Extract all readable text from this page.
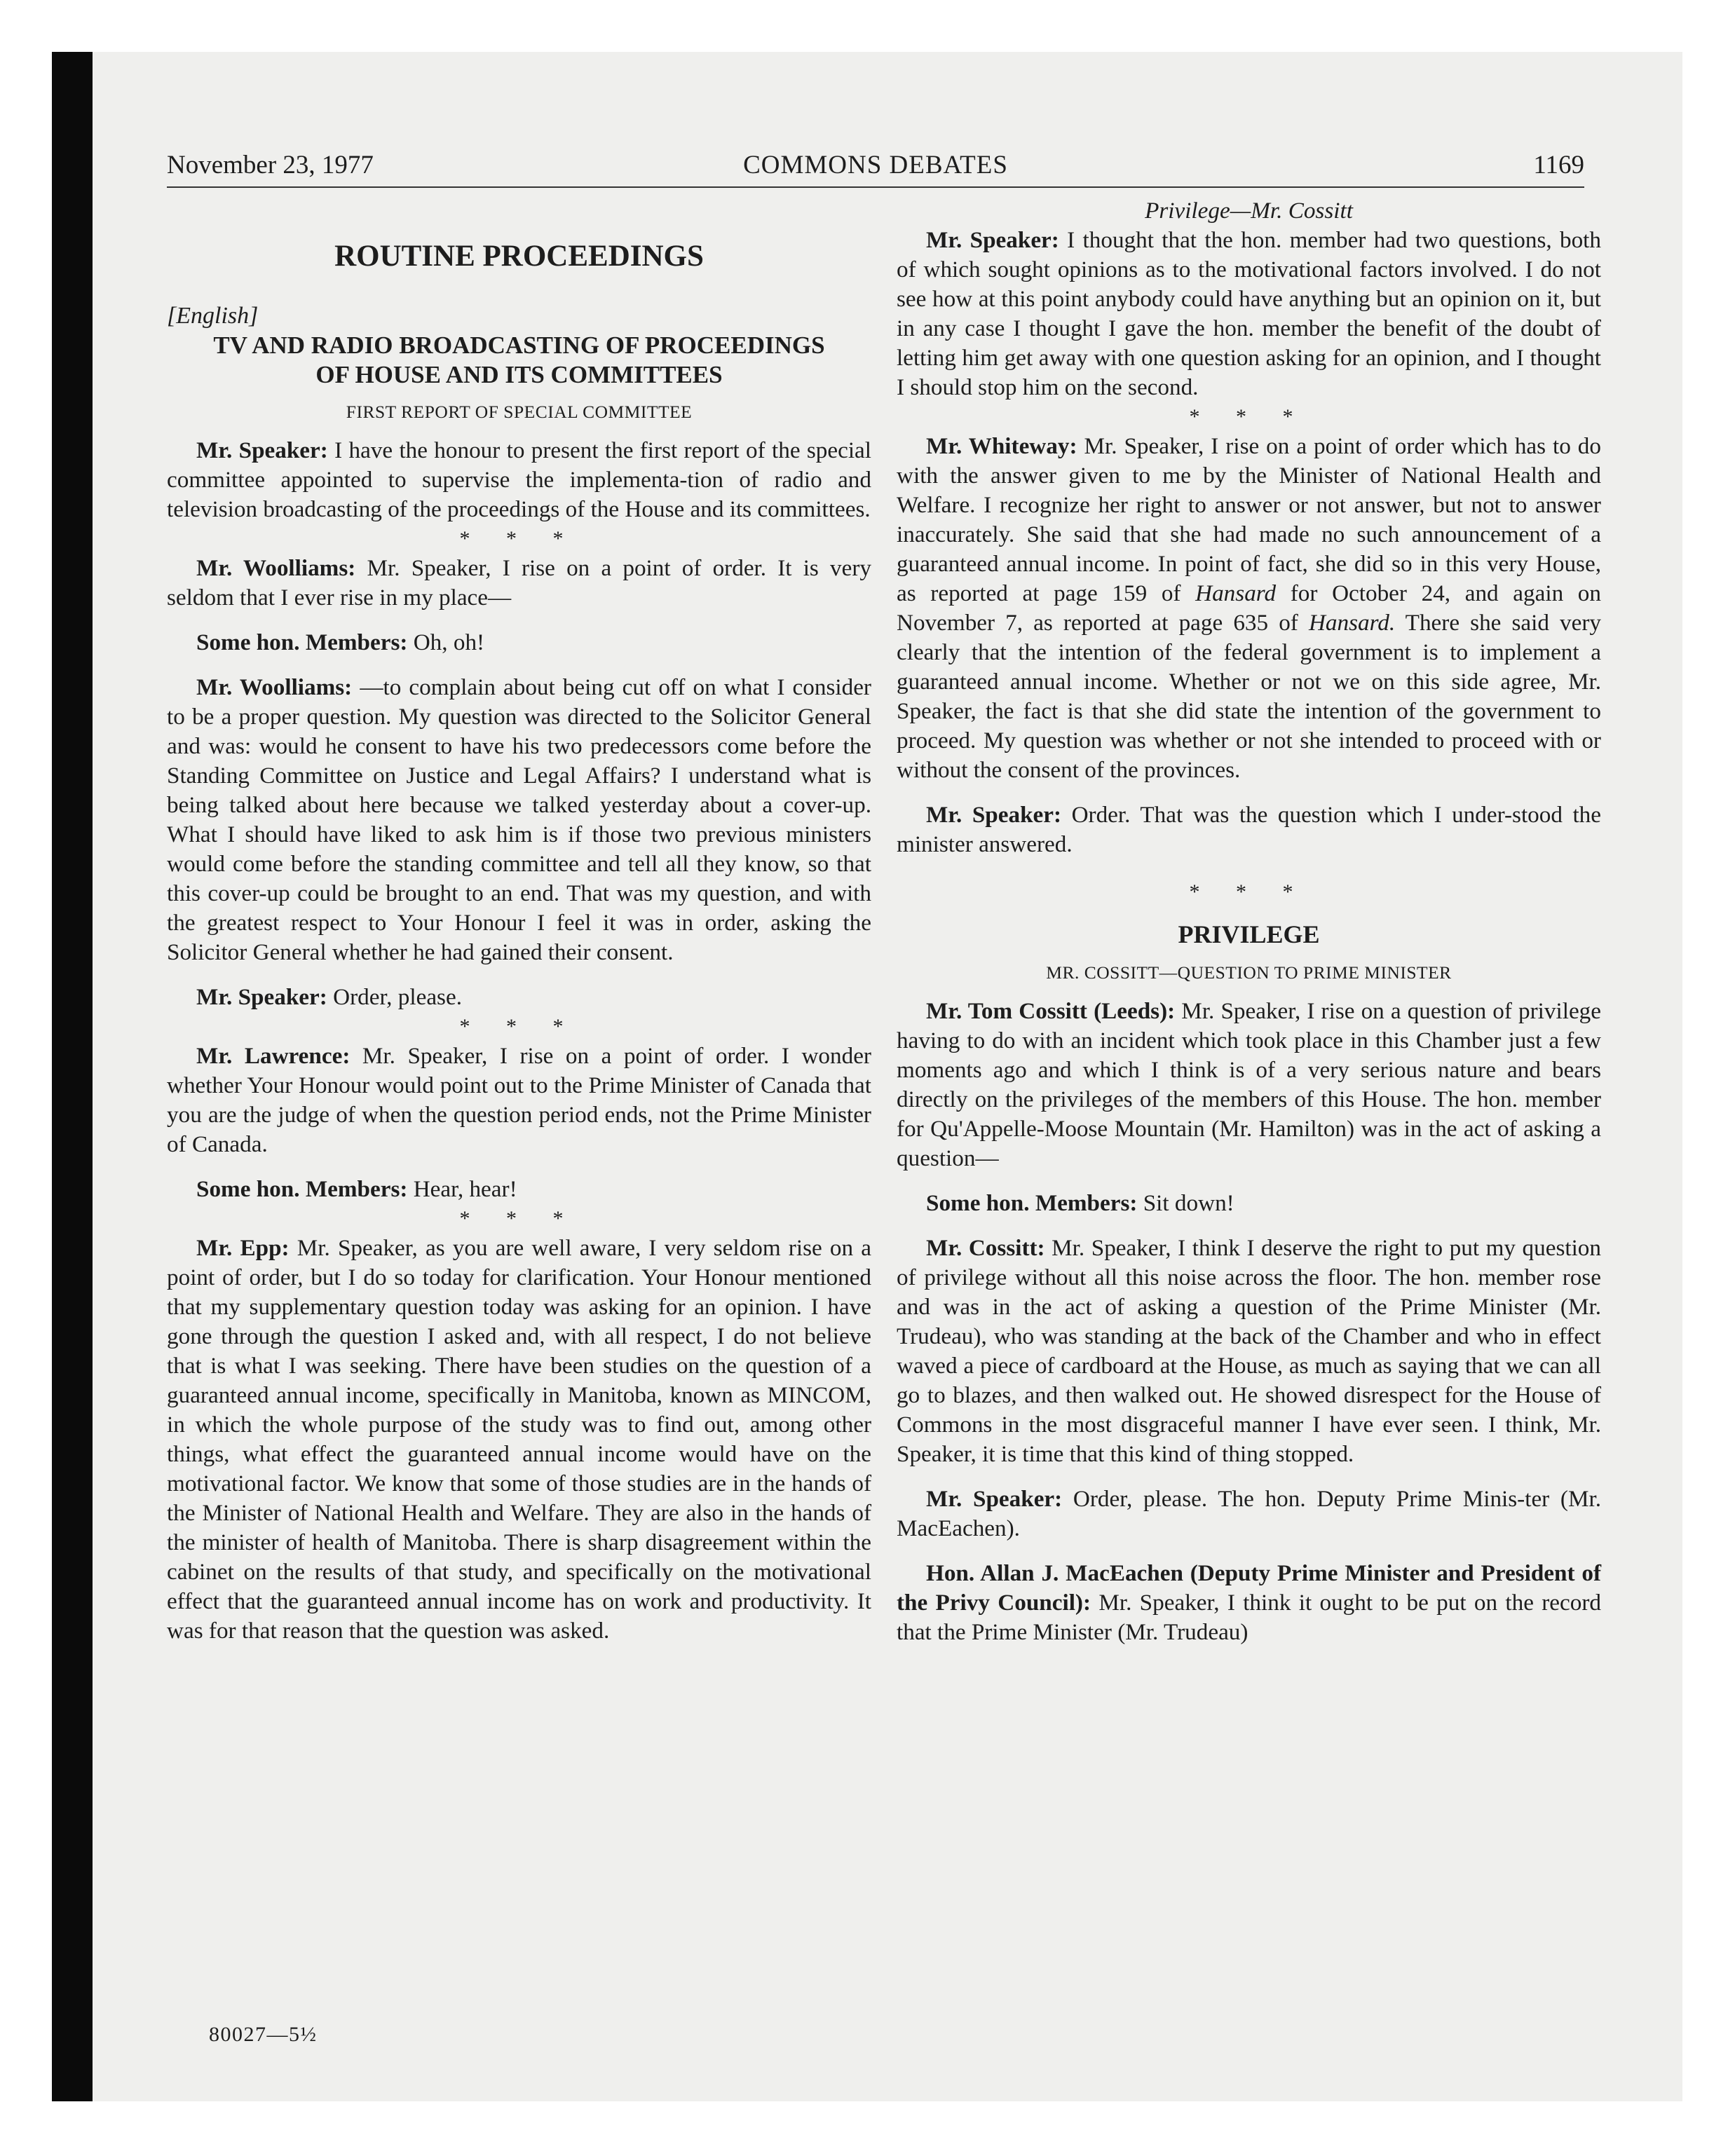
November 23, 1977	COMMONS DEBATES	1169

ROUTINE PROCEEDINGS

[English]

TV AND RADIO BROADCASTING OF PROCEEDINGS

OF HOUSE AND ITS COMMITTEES

FIRST REPORT OF SPECIAL COMMITTEE

Mr. Speaker: I have the honour to present the first report of the special committee appointed to supervise the implementa-tion of radio and television broadcasting of the proceedings of the House and its committees.

* * *

Mr. Woolliams: Mr. Speaker, I rise on a point of order. It is very seldom that I ever rise in my place—

Some hon. Members: Oh, oh!

Mr. Woolliams: —to complain about being cut off on what I consider to be a proper question. My question was directed to the Solicitor General and was: would he consent to have his two predecessors come before the Standing Committee on Justice and Legal Affairs? I understand what is being talked about here because we talked yesterday about a cover-up. What I should have liked to ask him is if those two previous ministers would come before the standing committee and tell all they know, so that this cover-up could be brought to an end. That was my question, and with the greatest respect to Your Honour I feel it was in order, asking the Solicitor General whether he had gained their consent.

Mr. Speaker: Order, please.

* * *

Mr. Lawrence: Mr. Speaker, I rise on a point of order. I wonder whether Your Honour would point out to the Prime Minister of Canada that you are the judge of when the question period ends, not the Prime Minister of Canada.

Some hon. Members: Hear, hear!

* * *

Mr. Epp: Mr. Speaker, as you are well aware, I very seldom rise on a point of order, but I do so today for clarification. Your Honour mentioned that my supplementary question today was asking for an opinion. I have gone through the question I asked and, with all respect, I do not believe that is what I was seeking. There have been studies on the question of a guaranteed annual income, specifically in Manitoba, known as MINCOM, in which the whole purpose of the study was to find out, among other things, what effect the guaranteed annual income would have on the motivational factor. We know that some of those studies are in the hands of the Minister of National Health and Welfare. They are also in the hands of the minister of health of Manitoba. There is sharp disagreement within the cabinet on the results of that study, and specifically on the motivational effect that the guaranteed annual income has on work and productivity. It was for that reason that the question was asked.

Privilege—Mr. Cossitt

Mr. Speaker: I thought that the hon. member had two questions, both of which sought opinions as to the motivational factors involved. I do not see how at this point anybody could have anything but an opinion on it, but in any case I thought I gave the hon. member the benefit of the doubt of letting him get away with one question asking for an opinion, and I thought I should stop him on the second.

* * *

Mr. Whiteway: Mr. Speaker, I rise on a point of order which has to do with the answer given to me by the Minister of National Health and Welfare. I recognize her right to answer or not answer, but not to answer inaccurately. She said that she had made no such announcement of a guaranteed annual income. In point of fact, she did so in this very House, as reported at page 159 of Hansard for October 24, and again on November 7, as reported at page 635 of Hansard. There she said very clearly that the intention of the federal government is to implement a guaranteed annual income. Whether or not we on this side agree, Mr. Speaker, the fact is that she did state the intention of the government to proceed. My question was whether or not she intended to proceed with or without the consent of the provinces.

Mr. Speaker: Order. That was the question which I under-stood the minister answered.

* * *

PRIVILEGE

MR. COSSITT—QUESTION TO PRIME MINISTER

Mr. Tom Cossitt (Leeds): Mr. Speaker, I rise on a question of privilege having to do with an incident which took place in this Chamber just a few moments ago and which I think is of a very serious nature and bears directly on the privileges of the members of this House. The hon. member for Qu'Appelle-Moose Mountain (Mr. Hamilton) was in the act of asking a question—

Some hon. Members: Sit down!

Mr. Cossitt: Mr. Speaker, I think I deserve the right to put my question of privilege without all this noise across the floor. The hon. member rose and was in the act of asking a question of the Prime Minister (Mr. Trudeau), who was standing at the back of the Chamber and who in effect waved a piece of cardboard at the House, as much as saying that we can all go to blazes, and then walked out. He showed disrespect for the House of Commons in the most disgraceful manner I have ever seen. I think, Mr. Speaker, it is time that this kind of thing stopped.

Mr. Speaker: Order, please. The hon. Deputy Prime Minis-ter (Mr. MacEachen).

Hon. Allan J. MacEachen (Deputy Prime Minister and President of the Privy Council): Mr. Speaker, I think it ought to be put on the record that the Prime Minister (Mr. Trudeau)

80027—5½
